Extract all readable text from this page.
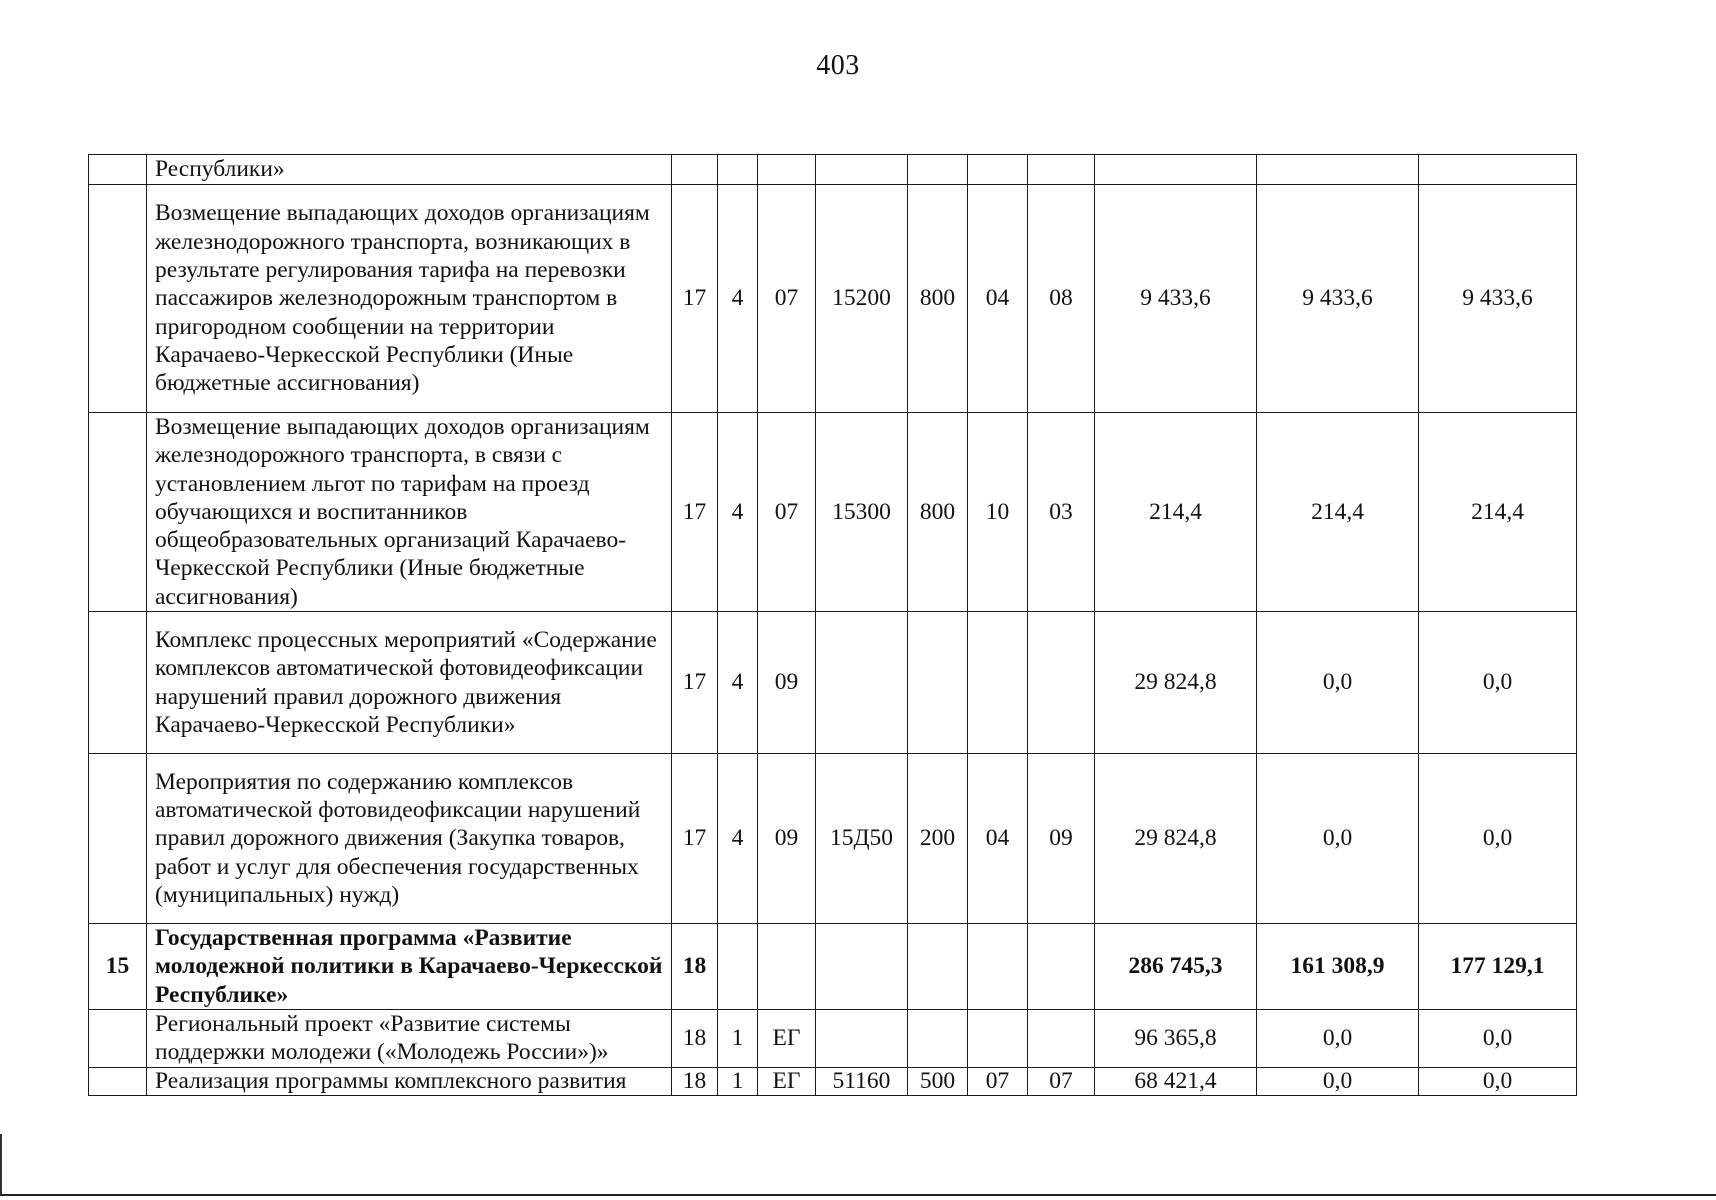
403
	Республики»										
	Возмещение выпадающих доходов организациям железнодорожного транспорта, возникающих в результате регулирования тарифа на перевозки пассажиров железнодорожным транспортом в пригородном сообщении на территории Карачаево-Черкесской Республики (Иные бюджетные ассигнования)	17	4	07	15200	800	04	08	9 433,6	9 433,6	9 433,6
	Возмещение выпадающих доходов организациям железнодорожного транспорта, в связи с установлением льгот по тарифам на проезд обучающихся и воспитанников общеобразовательных организаций Карачаево-Черкесской Республики (Иные бюджетные ассигнования)	17	4	07	15300	800	10	03	214,4	214,4	214,4
	Комплекс процессных мероприятий «Содержание комплексов автоматической фотовидеофиксации нарушений правил дорожного движения Карачаево-Черкесской Республики»	17	4	09					29 824,8	0,0	0,0
	Мероприятия по содержанию комплексов автоматической фотовидеофиксации нарушений правил дорожного движения (Закупка товаров, работ и услуг для обеспечения государственных (муниципальных) нужд)	17	4	09	15Д50	200	04	09	29 824,8	0,0	0,0
15	Государственная программа «Развитие молодежной политики в Карачаево-Черкесской Республике»	18							286 745,3	161 308,9	177 129,1
	Региональный проект «Развитие системы поддержки молодежи («Молодежь России»)»	18	1	ЕГ					96 365,8	0,0	0,0
	Реализация программы комплексного развития	18	1	ЕГ	51160	500	07	07	68 421,4	0,0	0,0
